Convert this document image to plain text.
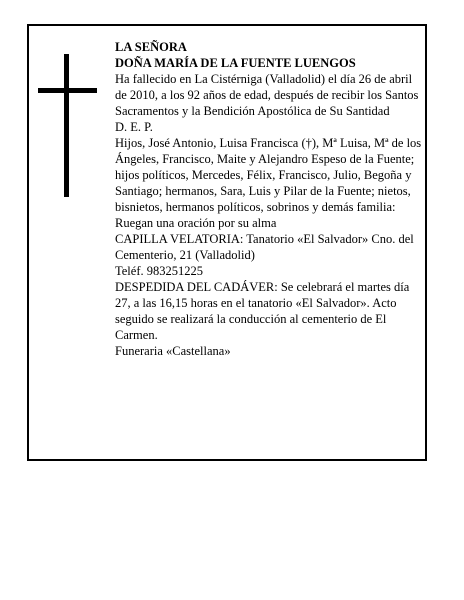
LA SEÑORA

DOÑA MARÍA DE LA FUENTE LUENGOS

Ha fallecido en La Cistérniga (Valladolid) el día 26 de abril de 2010, a los 92 años de edad, después de recibir los Santos Sacramentos y la Bendición Apostólica de Su Santidad

D. E. P.

Hijos, José Antonio, Luisa Francisca (†), Mª Luisa, Mª de los Ángeles, Francisco, Maite y Alejandro Espeso de la Fuente; hijos políticos, Mercedes, Félix, Francisco, Julio, Begoña y Santiago; hermanos, Sara, Luis y Pilar de la Fuente; nietos, bisnietos, hermanos políticos, sobrinos y demás familia:

Ruegan una oración por su alma

CAPILLA VELATORIA: Tanatorio «El Salvador» Cno. del Cementerio, 21 (Valladolid)

Teléf. 983251225

DESPEDIDA DEL CADÁVER: Se celebrará el martes día 27, a las 16,15 horas en el tanatorio «El Salvador». Acto seguido se realizará la conducción al cementerio de El Carmen.

Funeraria «Castellana»
